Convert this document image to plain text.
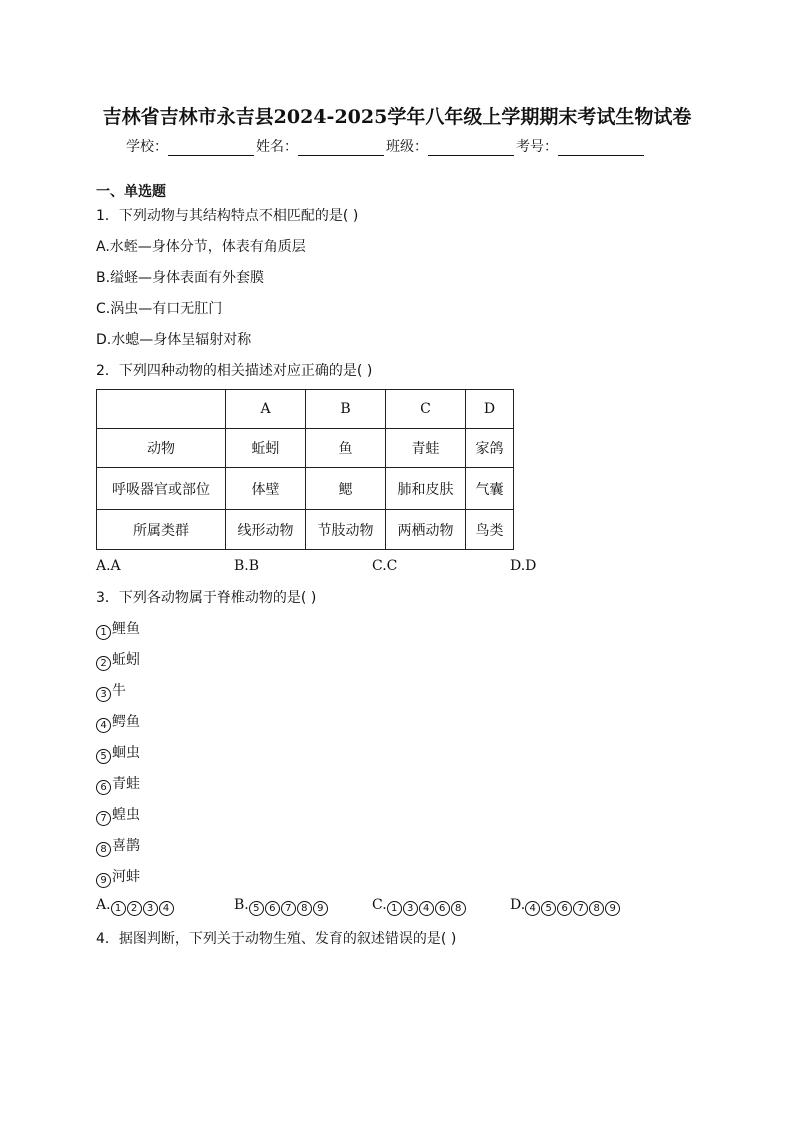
吉林省吉林市永吉县2024-2025学年八年级上学期期末考试生物试卷
学校：	姓名：	班级：	考号：
一、单选题
1．下列动物与其结构特点不相匹配的是( )
A.水蛭—身体分节，体表有角质层
B.缢蛏—身体表面有外套膜
C.涡虫—有口无肛门
D.水螅—身体呈辐射对称
2．下列四种动物的相关描述对应正确的是( )
	A	B	C	D
动物	蚯蚓	鱼	青蛙	家鸽
呼吸器官或部位	体壁	鳃	肺和皮肤	气囊
所属类群	线形动物	节肢动物	两栖动物	鸟类
A.A	B.B	C.C	D.D
3．下列各动物属于脊椎动物的是( )
1 鲤鱼
2 蚯蚓
3 牛
4 鳄鱼
5 蛔虫
6 青蛙
7 蝗虫
8 喜鹊
9 河蚌
A. 1 2 3 4	B. 5 6 7 8 9	C. 1 3 4 6 8	D. 4 5 6 7 8 9
4．据图判断，下列关于动物生殖、发育的叙述错误的是( )
